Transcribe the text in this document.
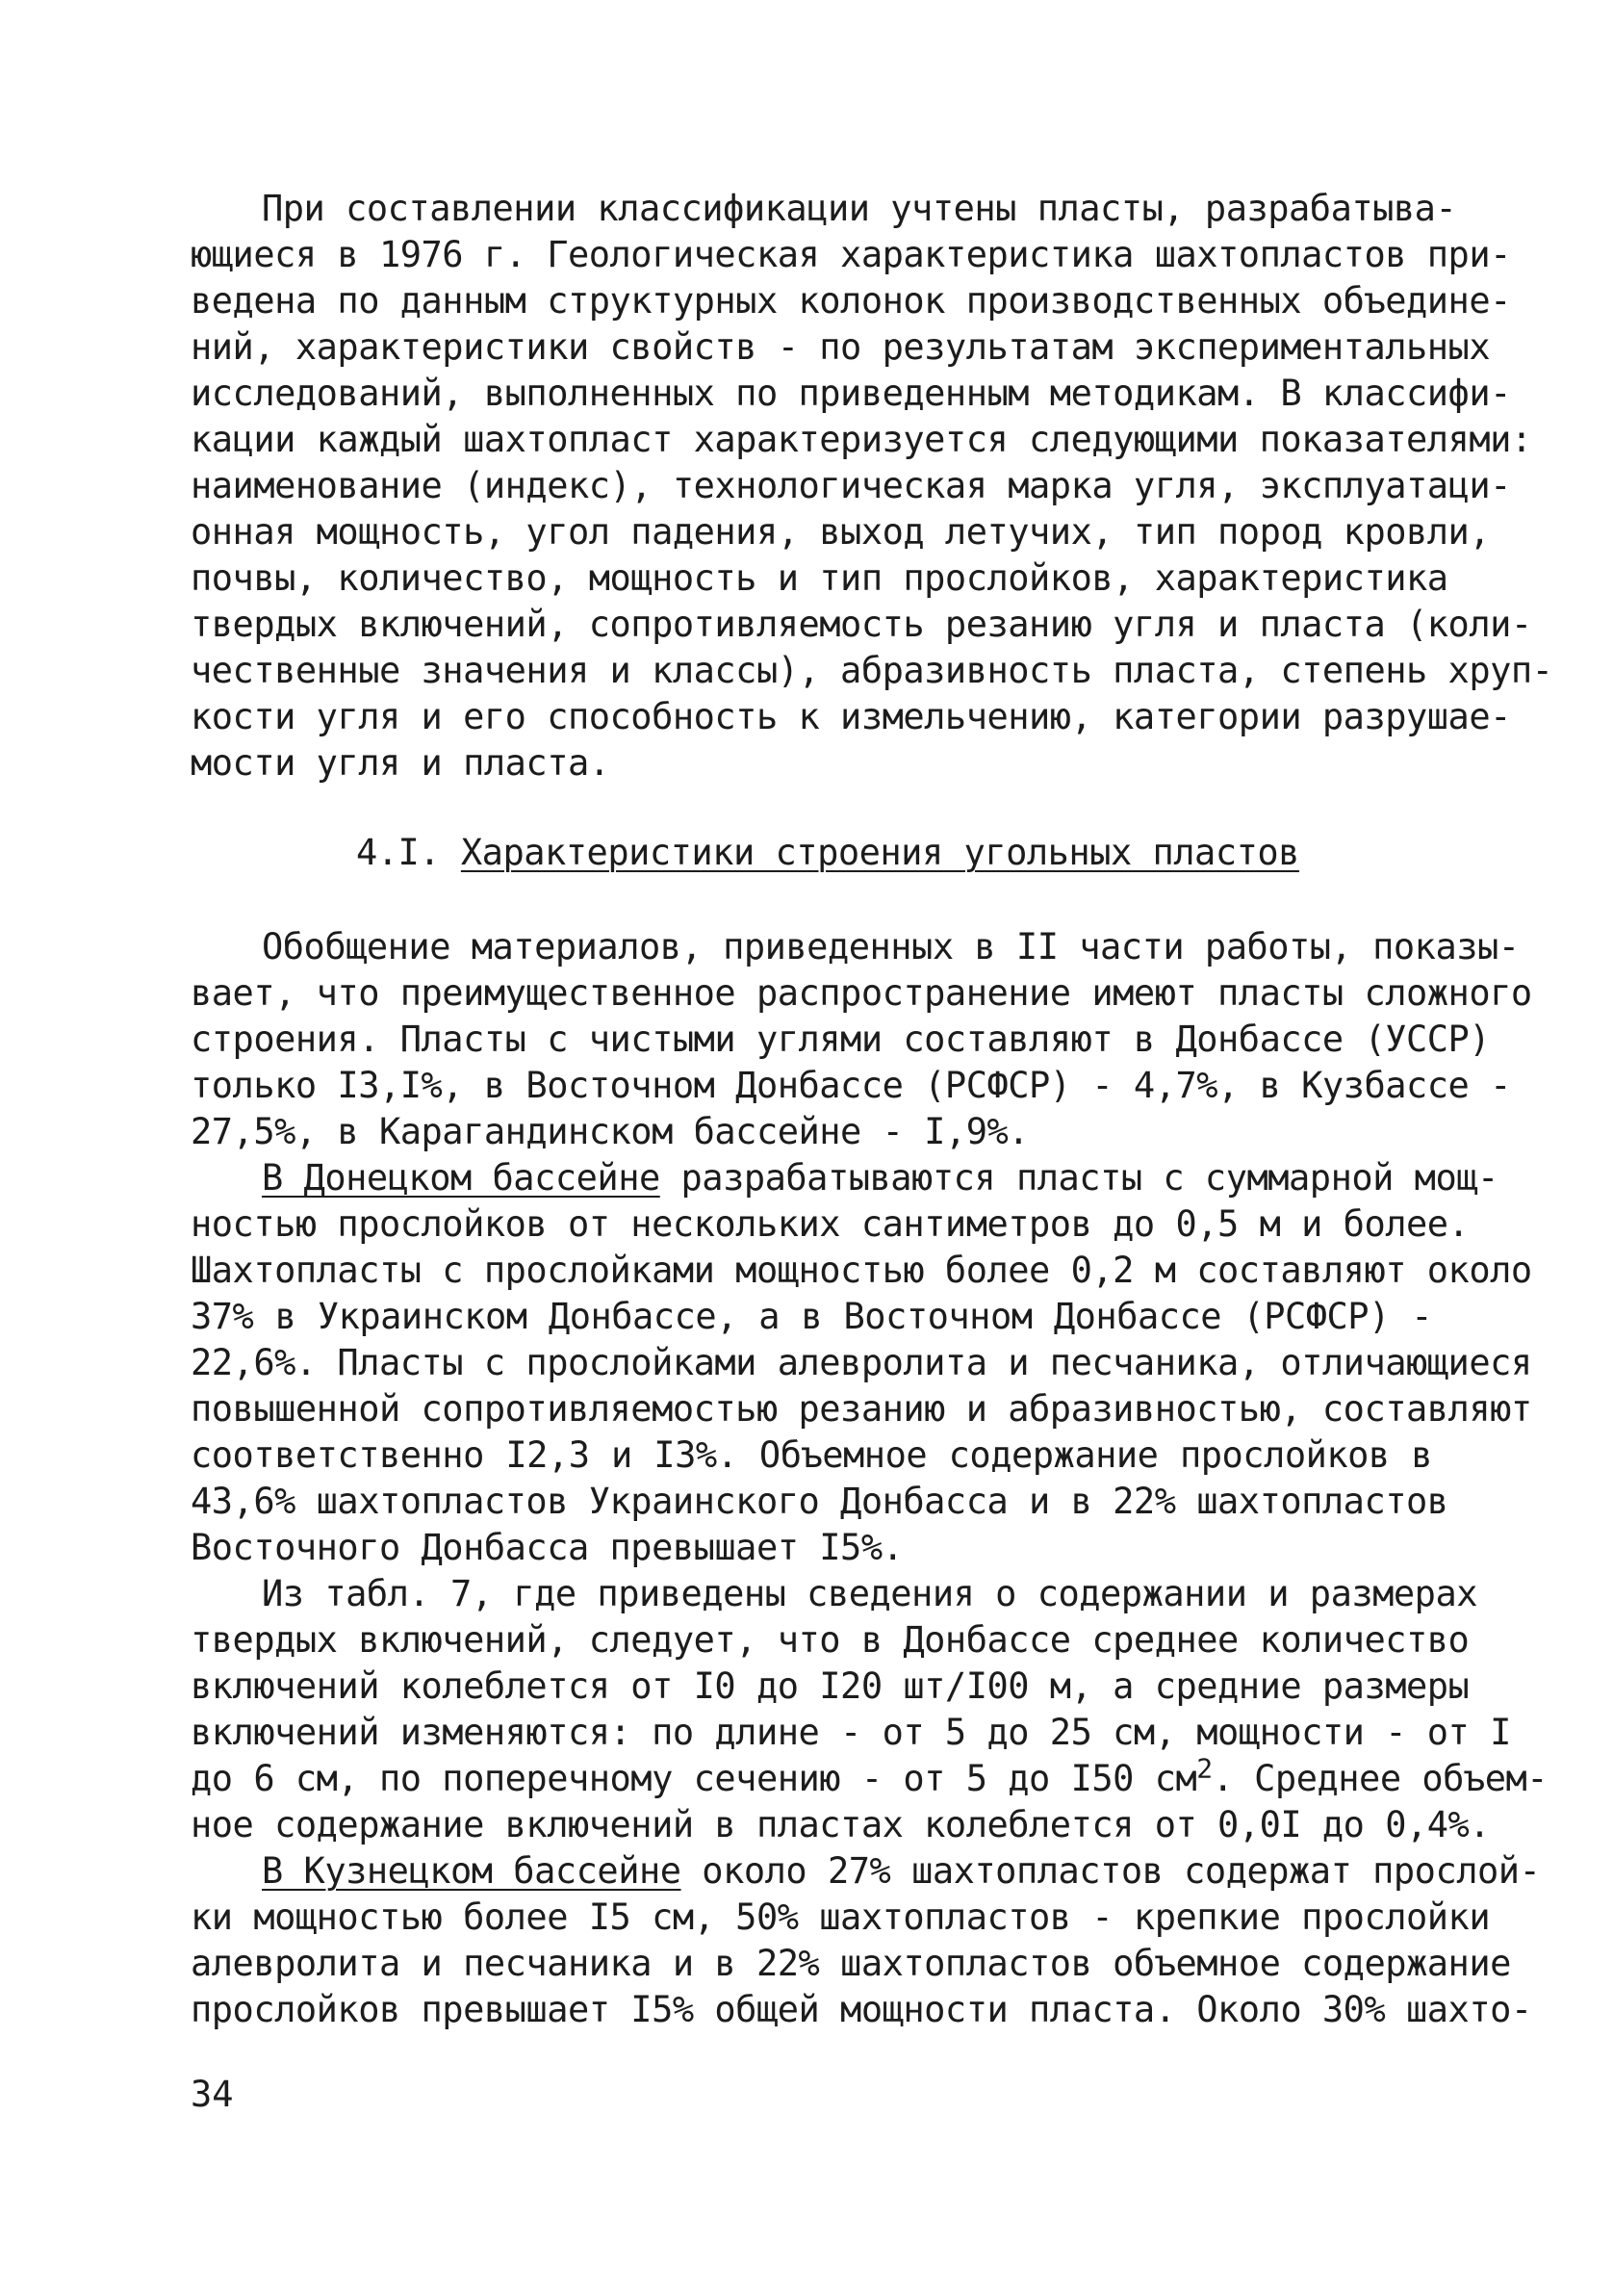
При составлении классификации учтены пласты, разрабатыва-
ющиеся в 1976 г. Геологическая характеристика шахтопластов при-
ведена по данным структурных колонок производственных объедине-
ний, характеристики свойств - по результатам экспериментальных
исследований, выполненных по приведенным методикам. В классифи-
кации каждый шахтопласт характеризуется следующими показателями:
наименование (индекс), технологическая марка угля, эксплуатаци-
онная мощность, угол падения, выход летучих, тип пород кровли,
почвы, количество, мощность и тип прослойков, характеристика
твердых включений, сопротивляемость резанию угля и пласта (коли-
чественные значения и классы), абразивность пласта, степень хруп-
кости угля и его способность к измельчению, категории разрушае-
мости угля и пласта.
4.I. Характеристики строения угольных пластов
Обобщение материалов, приведенных в II части работы, показы-
вает, что преимущественное распространение имеют пласты сложного
строения. Пласты с чистыми углями составляют в Донбассе (УССР)
только I3,I%, в Восточном Донбассе (РСФСР) - 4,7%, в Кузбассе -
27,5%, в Карагандинском бассейне - I,9%.
В Донецком бассейне разрабатываются пласты с суммарной мощ-
ностью прослойков от нескольких сантиметров до 0,5 м и более.
Шахтопласты с прослойками мощностью более 0,2 м составляют около
37% в Украинском Донбассе, а в Восточном Донбассе (РСФСР) -
22,6%. Пласты с прослойками алевролита и песчаника, отличающиеся
повышенной сопротивляемостью резанию и абразивностью, составляют
соответственно I2,3 и I3%. Объемное содержание прослойков в
43,6% шахтопластов Украинского Донбасса и в 22% шахтопластов
Восточного Донбасса превышает I5%.
Из табл. 7, где приведены сведения о содержании и размерах
твердых включений, следует, что в Донбассе среднее количество
включений колеблется от I0 до I20 шт/I00 м, а средние размеры
включений изменяются: по длине - от 5 до 25 см, мощности - от I
до 6 см, по поперечному сечению - от 5 до I50 $см^2$. Среднее объем-
ное содержание включений в пластах колеблется от 0,0I до 0,4%.
В Кузнецком бассейне около 27% шахтопластов содержат прослой-
ки мощностью более I5 см, 50% шахтопластов - крепкие прослойки
алевролита и песчаника и в 22% шахтопластов объемное содержание
прослойков превышает I5% общей мощности пласта. Около 30% шахто-
34
